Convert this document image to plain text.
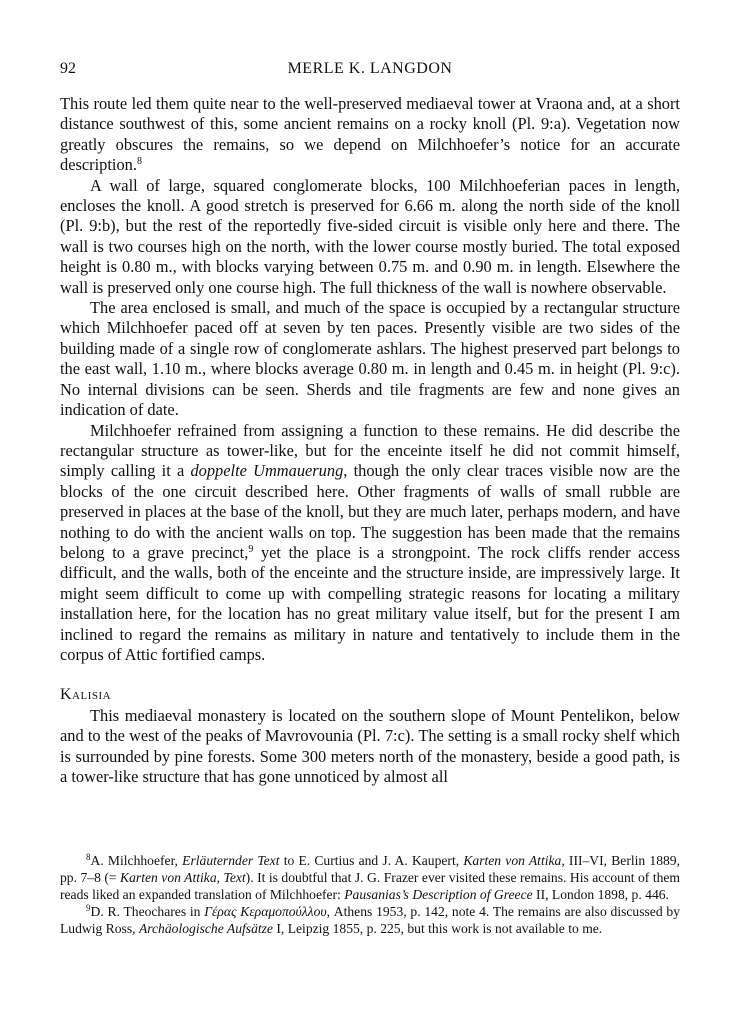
92	MERLE K. LANGDON

This route led them quite near to the well-preserved mediaeval tower at Vraona and, at a short distance southwest of this, some ancient remains on a rocky knoll (Pl. 9:a). Vegetation now greatly obscures the remains, so we depend on Milchhoefer’s notice for an accurate description.$^8$

A wall of large, squared conglomerate blocks, 100 Milchhoeferian paces in length, encloses the knoll. A good stretch is preserved for 6.66 m. along the north side of the knoll (Pl. 9:b), but the rest of the reportedly five-sided circuit is visible only here and there. The wall is two courses high on the north, with the lower course mostly buried. The total exposed height is 0.80 m., with blocks varying between 0.75 m. and 0.90 m. in length. Elsewhere the wall is preserved only one course high. The full thickness of the wall is nowhere observable.

The area enclosed is small, and much of the space is occupied by a rectangular structure which Milchhoefer paced off at seven by ten paces. Presently visible are two sides of the building made of a single row of conglomerate ashlars. The highest preserved part belongs to the east wall, 1.10 m., where blocks average 0.80 m. in length and 0.45 m. in height (Pl. 9:c). No internal divisions can be seen. Sherds and tile fragments are few and none gives an indication of date.

Milchhoefer refrained from assigning a function to these remains. He did describe the rectangular structure as tower-like, but for the enceinte itself he did not commit himself, simply calling it a doppelte Ummauerung, though the only clear traces visible now are the blocks of the one circuit described here. Other fragments of walls of small rubble are preserved in places at the base of the knoll, but they are much later, perhaps modern, and have nothing to do with the ancient walls on top. The suggestion has been made that the remains belong to a grave precinct,$^9$ yet the place is a strongpoint. The rock cliffs render access difficult, and the walls, both of the enceinte and the structure inside, are impressively large. It might seem difficult to come up with compelling strategic reasons for locating a military installation here, for the location has no great military value itself, but for the present I am inclined to regard the remains as military in nature and tentatively to include them in the corpus of Attic fortified camps.

Kalisia

This mediaeval monastery is located on the southern slope of Mount Pentelikon, below and to the west of the peaks of Mavrovounia (Pl. 7:c). The setting is a small rocky shelf which is surrounded by pine forests. Some 300 meters north of the monastery, beside a good path, is a tower-like structure that has gone unnoticed by almost all

$^8$A. Milchhoefer, Erläuternder Text to E. Curtius and J. A. Kaupert, Karten von Attika, III–VI, Berlin 1889, pp. 7–8 (= Karten von Attika, Text). It is doubtful that J. G. Frazer ever visited these remains. His account of them reads liked an expanded translation of Milchhoefer: Pausanias’s Description of Greece II, London 1898, p. 446.

$^9$D. R. Theochares in Γέρας Κεραμοπούλλου, Athens 1953, p. 142, note 4. The remains are also discussed by Ludwig Ross, Archäologische Aufsätze I, Leipzig 1855, p. 225, but this work is not available to me.
